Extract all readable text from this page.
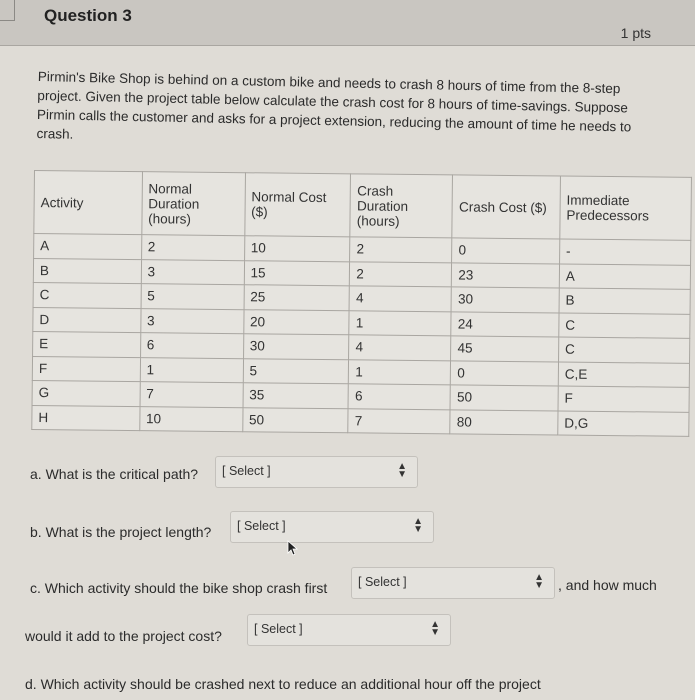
Question 3
1 pts
Pirmin's Bike Shop is behind on a custom bike and needs to crash 8 hours of time from the 8-step project. Given the project table below calculate the crash cost for 8 hours of time-savings. Suppose Pirmin calls the customer and asks for a project extension, reducing the amount of time he needs to crash.
Activity	Normal Duration (hours)	Normal Cost ($)	Crash Duration (hours)	Crash Cost ($)	Immediate Predecessors
A	2	10	2	0	-
B	3	15	2	23	A
C	5	25	4	30	B
D	3	20	1	24	C
E	6	30	4	45	C
F	1	5	1	0	C,E
G	7	35	6	50	F
H	10	50	7	80	D,G
a. What is the critical path? [ Select ]	▲
▼
b. What is the project length? [ Select ]	▲
▼
c. Which activity should the bike shop crash first [ Select ]	▲
▼ , and how much
would it add to the project cost?	[ Select ]	▲
▼
d. Which activity should be crashed next to reduce an additional hour off the project
